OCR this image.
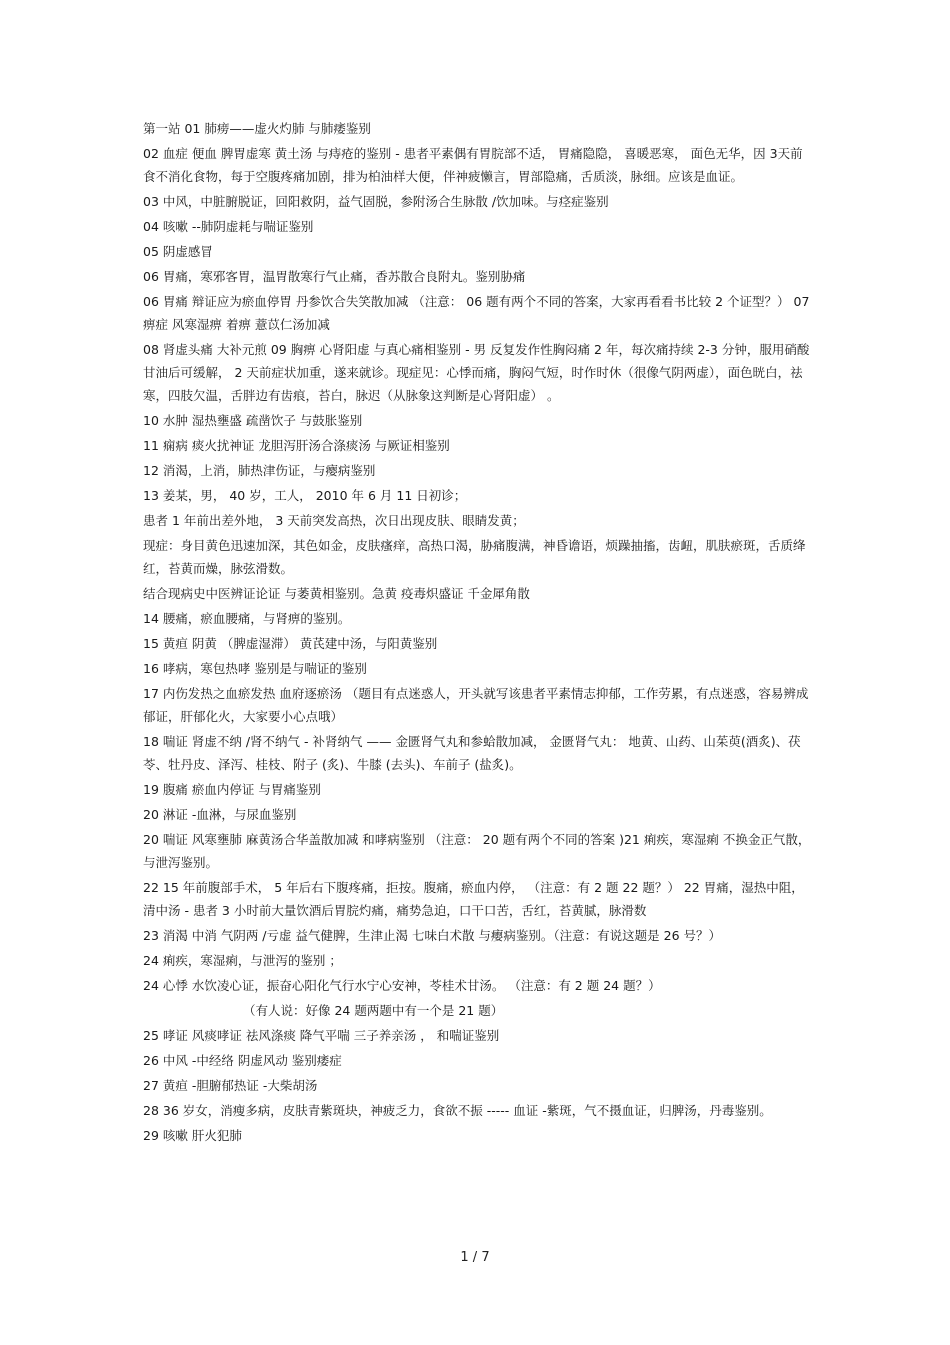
第一站 01 肺痨——虚火灼肺 与肺痿鉴别

02 血症 便血 脾胃虚寒 黄土汤 与痔疮的鉴别 - 患者平素偶有胃脘部不适， 胃痛隐隐， 喜暖恶寒， 面色无华，因 3天前食不消化食物，每于空腹疼痛加剧，排为柏油样大便，伴神疲懒言，胃部隐痛，舌质淡，脉细。应该是血证。

03 中风，中脏腑脱证，回阳救阴，益气固脱，参附汤合生脉散 /饮加味。与痉症鉴别

04 咳嗽 --肺阴虚耗与喘证鉴别

05 阴虚感冒

06 胃痛，寒邪客胃，温胃散寒行气止痛，香苏散合良附丸。鉴别胁痛

06 胃痛 辩证应为瘀血停胃 丹参饮合失笑散加减 （注意： 06 题有两个不同的答案，大家再看看书比较 2 个证型？） 07 痹症 风寒湿痹 着痹 薏苡仁汤加减

08 肾虚头痛 大补元煎 09 胸痹 心肾阳虚 与真心痛相鉴别 - 男 反复发作性胸闷痛 2 年，每次痛持续 2-3 分钟，服用硝酸甘油后可缓解， 2 天前症状加重，遂来就诊。现症见：心悸而痛，胸闷气短，时作时休（很像气阴两虚），面色晄白，祛寒，四肢欠温，舌胖边有齿痕，苔白，脉迟（从脉象这判断是心肾阳虚） 。

10 水肿 湿热壅盛 疏凿饮子 与鼓胀鉴别

11 痫病 痰火扰神证 龙胆泻肝汤合涤痰汤 与厥证相鉴别

12 消渴，上消，肺热津伤证，与瘿病鉴别

13 姜某，男， 40 岁，工人， 2010 年 6 月 11 日初诊；

患者 1 年前出差外地， 3 天前突发高热，次日出现皮肤、眼睛发黄；

现症：身目黄色迅速加深，其色如金，皮肤瘙痒，高热口渴，胁痛腹满，神昏谵语，烦躁抽搐，齿衄，肌肤瘀斑，舌质绛红，苔黄而燥，脉弦滑数。

结合现病史中医辨证论证 与萎黄相鉴别。急黄 疫毒炽盛证 千金犀角散

14 腰痛，瘀血腰痛，与肾痹的鉴别。

15 黄疸 阴黄 （脾虚湿滞） 黄芪建中汤，与阳黄鉴别

16 哮病，寒包热哮 鉴别是与喘证的鉴别

17 内伤发热之血瘀发热 血府逐瘀汤 （题目有点迷惑人，开头就写该患者平素情志抑郁，工作劳累，有点迷惑，容易辨成郁证，肝郁化火，大家要小心点哦）

18 喘证 肾虚不纳 /肾不纳气 - 补肾纳气 —— 金匮肾气丸和参蛤散加减， 金匮肾气丸： 地黄、山药、山茱萸(酒炙)、茯苓、牡丹皮、泽泻、桂枝、附子 (炙)、牛膝 (去头)、车前子 (盐炙)。

19 腹痛 瘀血内停证 与胃痛鉴别

20 淋证 -血淋，与尿血鉴别

20 喘证 风寒壅肺 麻黄汤合华盖散加减 和哮病鉴别 （注意： 20 题有两个不同的答案 )21 痢疾，寒湿痢 不换金正气散，与泄泻鉴别。

22 15 年前腹部手术， 5 年后右下腹疼痛，拒按。腹痛，瘀血内停， （注意：有 2 题 22 题？） 22 胃痛，湿热中阻，清中汤 - 患者 3 小时前大量饮酒后胃脘灼痛，痛势急迫，口干口苦，舌红，苔黄腻，脉滑数

23 消渴 中消 气阴两 /亏虚 益气健脾，生津止渴 七味白术散 与瘿病鉴别。（注意：有说这题是 26 号？）

24 痢疾，寒湿痢，与泄泻的鉴别 ；

24 心悸 水饮凌心证，振奋心阳化气行水宁心安神，苓桂术甘汤。 （注意：有 2 题 24 题？）

（有人说：好像 24 题两题中有一个是 21 题）

25 哮证 风痰哮证 祛风涤痰 降气平喘 三子养亲汤 ， 和喘证鉴别

26 中风 -中经络 阴虚风动 鉴别痿症

27 黄疸 -胆腑郁热证 -大柴胡汤

28 36 岁女，消瘦多病，皮肤青紫斑块，神疲乏力，食欲不振 ----- 血证 -紫斑，气不摄血证，归脾汤，丹毒鉴别。

29 咳嗽 肝火犯肺

1 / 7
